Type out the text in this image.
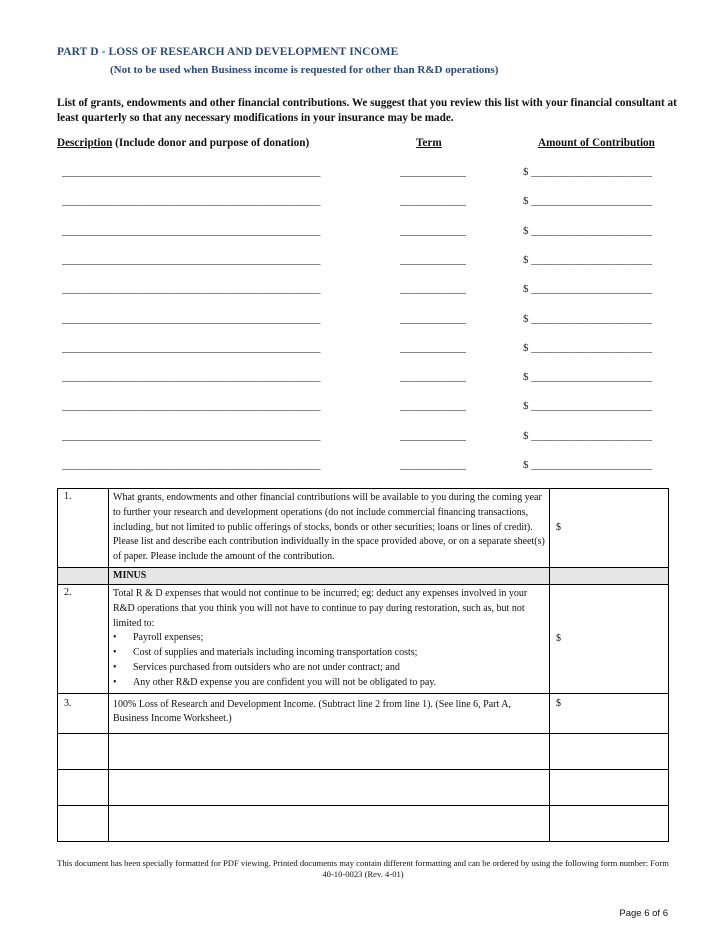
PART D - LOSS OF RESEARCH AND DEVELOPMENT INCOME
(Not to be used when Business income is requested for other than R&D operations)
List of grants, endowments and other financial contributions. We suggest that you review this list with your financial consultant at least quarterly so that any necessary modifications in your insurance may be made.
Description (Include donor and purpose of donation)	Term	Amount of Contribution
_______________________________________________	____________	$ ______________________
_______________________________________________	____________	$ ______________________
_______________________________________________	____________	$ ______________________
_______________________________________________	____________	$ ______________________
_______________________________________________	____________	$ ______________________
_______________________________________________	____________	$ ______________________
_______________________________________________	____________	$ ______________________
_______________________________________________	____________	$ ______________________
_______________________________________________	____________	$ ______________________
_______________________________________________	____________	$ ______________________
_______________________________________________	____________	$ ______________________
1.	What grants, endowments and other financial contributions will be available to you during the coming year to further your research and development operations (do not include commercial financing transactions, including, but not limited to public offerings of stocks, bonds or other securities; loans or lines of credit). Please list and describe each contribution individually in the space provided above, or on a separate sheet(s) of paper. Please include the amount of the contribution.	$
	MINUS	
2.	Total R & D expenses that would not continue to be incurred; eg: deduct any expenses involved in your R&D operations that you think you will not have to continue to pay during restoration, such as, but not limited to:
• Payroll expenses;
• Cost of supplies and materials including incoming transportation costs;
• Services purchased from outsiders who are not under contract; and
• Any other R&D expense you are confident you will not be obligated to pay.	$
3.	100% Loss of Research and Development Income. (Subtract line 2 from line 1). (See line 6, Part A, Business Income Worksheet.)	$

This document has been specially formatted for PDF viewing. Printed documents may contain different formatting and can be ordered by using the following form number: Form 40-10-0023 (Rev. 4-01)
Page 6 of 6
